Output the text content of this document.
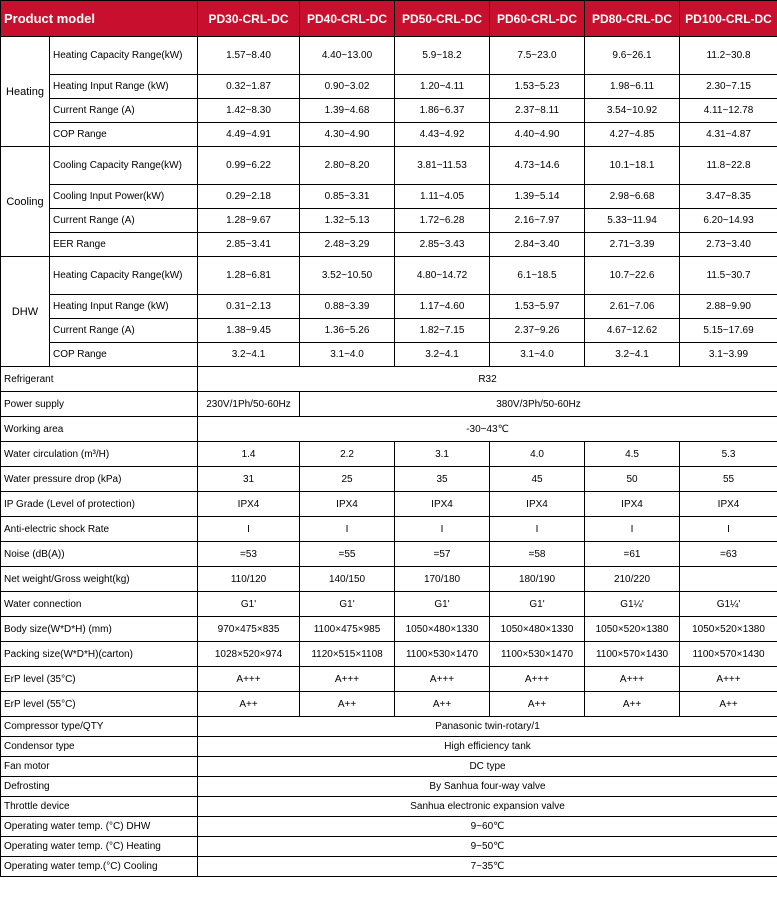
Product model		PD30-CRL-DC	PD40-CRL-DC	PD50-CRL-DC	PD60-CRL-DC	PD80-CRL-DC	PD100-CRL-DC
Heating	Heating Capacity Range(kW)	1.57~8.40	4.40~13.00	5.9~18.2	7.5~23.0	9.6~26.1	11.2~30.8
	Heating Input Range (kW)	0.32~1.87	0.90~3.02	1.20~4.11	1.53~5.23	1.98~6.11	2.30~7.15
	Current Range (A)	1.42~8.30	1.39~4.68	1.86~6.37	2.37~8.11	3.54~10.92	4.11~12.78
	COP Range	4.49~4.91	4.30~4.90	4.43~4.92	4.40~4.90	4.27~4.85	4.31~4.87
Cooling	Cooling Capacity Range(kW)	0.99~6.22	2.80~8.20	3.81~11.53	4.73~14.6	10.1~18.1	11.8~22.8
	Cooling Input Power(kW)	0.29~2.18	0.85~3.31	1.11~4.05	1.39~5.14	2.98~6.68	3.47~8.35
	Current Range (A)	1.28~9.67	1.32~5.13	1.72~6.28	2.16~7.97	5.33~11.94	6.20~14.93
	EER Range	2.85~3.41	2.48~3.29	2.85~3.43	2.84~3.40	2.71~3.39	2.73~3.40
DHW	Heating Capacity Range(kW)	1.28~6.81	3.52~10.50	4.80~14.72	6.1~18.5	10.7~22.6	11.5~30.7
	Heating Input Range (kW)	0.31~2.13	0.88~3.39	1.17~4.60	1.53~5.97	2.61~7.06	2.88~9.90
	Current Range (A)	1.38~9.45	1.36~5.26	1.82~7.15	2.37~9.26	4.67~12.62	5.15~17.69
	COP Range	3.2~4.1	3.1~4.0	3.2~4.1	3.1~4.0	3.2~4.1	3.1~3.99
Refrigerant		R32					
Power supply		230V/1Ph/50-60Hz	380V/3Ph/50-60Hz				
Working area		-30~43℃					
Water circulation (m³/H)		1.4	2.2	3.1	4.0	4.5	5.3
Water pressure drop (kPa)		31	25	35	45	50	55
IP Grade (Level of protection)		IPX4	IPX4	IPX4	IPX4	IPX4	IPX4
Anti-electric shock Rate		I	I	I	I	I	I
Noise (dB(A))		=53	=55	=57	=58	=61	=63
Net weight/Gross weight(kg)		110/120	140/150	170/180	180/190	210/220	
Water connection		G1'	G1'	G1'	G1'	G1¼'	G1¼'
Body size(W*D*H) (mm)		970×475×835	1100×475×985	1050×480×1330	1050×480×1330	1050×520×1380	1050×520×1380
Packing size(W*D*H)(carton)		1028×520×974	1120×515×1108	1100×530×1470	1100×530×1470	1100×570×1430	1100×570×1430
ErP level (35°C)		A+++	A+++	A+++	A+++	A+++	A+++
ErP level (55°C)		A++	A++	A++	A++	A++	A++
Compressor type/QTY		Panasonic twin-rotary/1					
Condensor type		High efficiency tank					
Fan motor		DC type					
Defrosting		By Sanhua four-way valve					
Throttle device		Sanhua electronic expansion valve					
Operating water temp. (°C) DHW		9~60℃					
Operating water temp. (°C) Heating		9~50℃					
Operating water temp.(°C) Cooling		7~35℃					
